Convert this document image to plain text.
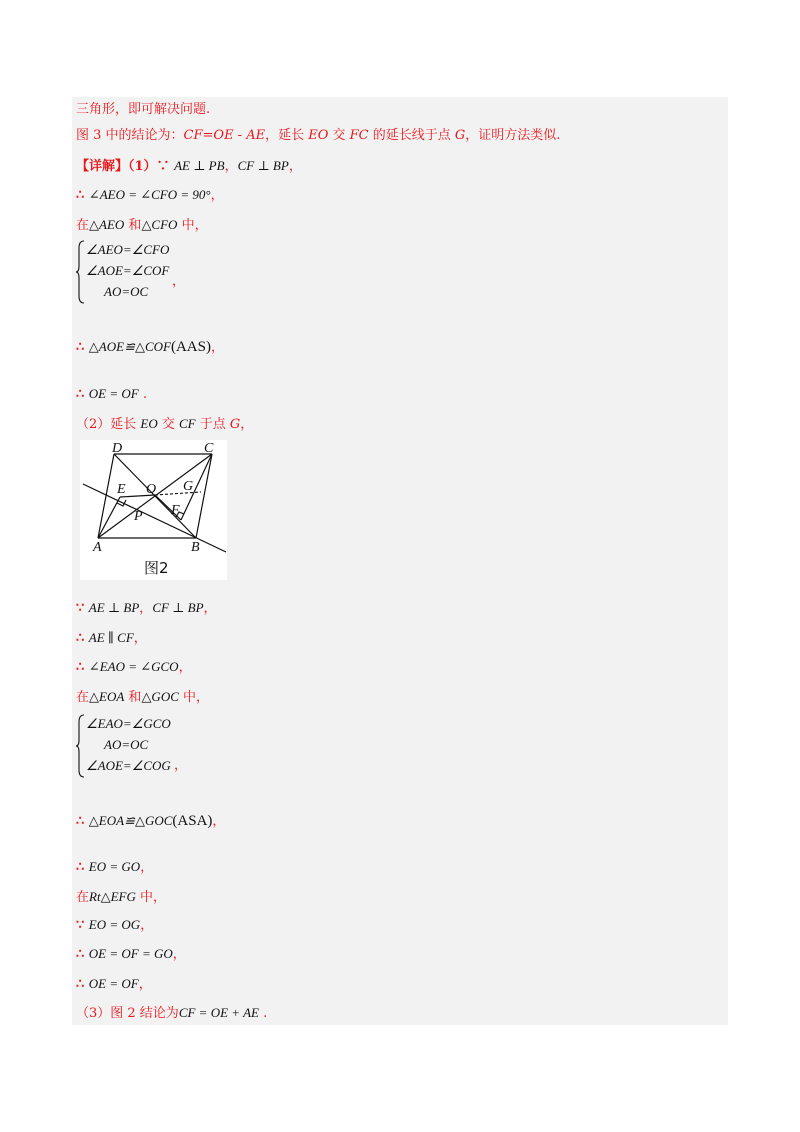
三角形，即可解决问题.
图 3 中的结论为：CF=OE - AE，延长 EO 交 FC 的延长线于点 G，证明方法类似.
【详解】（1）∵ AE ⊥ PB，CF ⊥ BP，
∴ ∠AEO = ∠CFO = 90°，
在△AEO 和△CFO 中，
∠AEO=∠CFO
∠AOE=∠COF
AO=OC
，
∴ △AOE≌△COF(AAS)，
∴ OE = OF .
（2）延长 EO 交 CF 于点 G，
D	C
E O G
P F
A	B
图2
∵ AE ⊥ BP，CF ⊥ BP，
∴ AE ∥ CF，
∴ ∠EAO = ∠GCO，
在△EOA 和△GOC 中，
∠EAO=∠GCO
AO=OC
∠AOE=∠COG ，
∴ △EOA≌△GOC(ASA)，
∴ EO = GO，
在Rt△EFG 中，
∵ EO = OG，
∴ OE = OF = GO，
∴ OE = OF，
（3）图 2 结论为CF = OE + AE .
